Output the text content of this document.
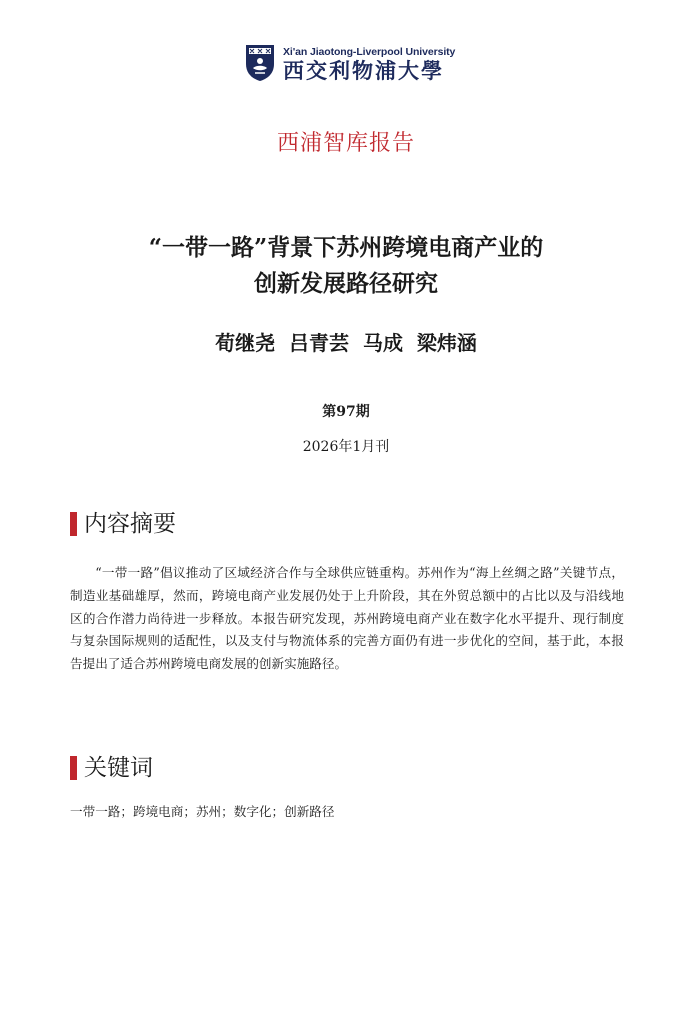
Xi'an Jiaotong-Liverpool University
西交利物浦大學
西浦智库报告
“一带一路”背景下苏州跨境电商产业的
创新发展路径研究
荀继尧  吕青芸  马成  梁炜涵
第97期
2026年1月刊
内容摘要
“一带一路”倡议推动了区域经济合作与全球供应链重构。苏州作为“海上丝绸之路”关键节点，制造业基础雄厚，然而，跨境电商产业发展仍处于上升阶段，其在外贸总额中的占比以及与沿线地区的合作潜力尚待进一步释放。本报告研究发现，苏州跨境电商产业在数字化水平提升、现行制度与复杂国际规则的适配性，以及支付与物流体系的完善方面仍有进一步优化的空间，基于此，本报告提出了适合苏州跨境电商发展的创新实施路径。
关键词
一带一路；跨境电商；苏州；数字化；创新路径
